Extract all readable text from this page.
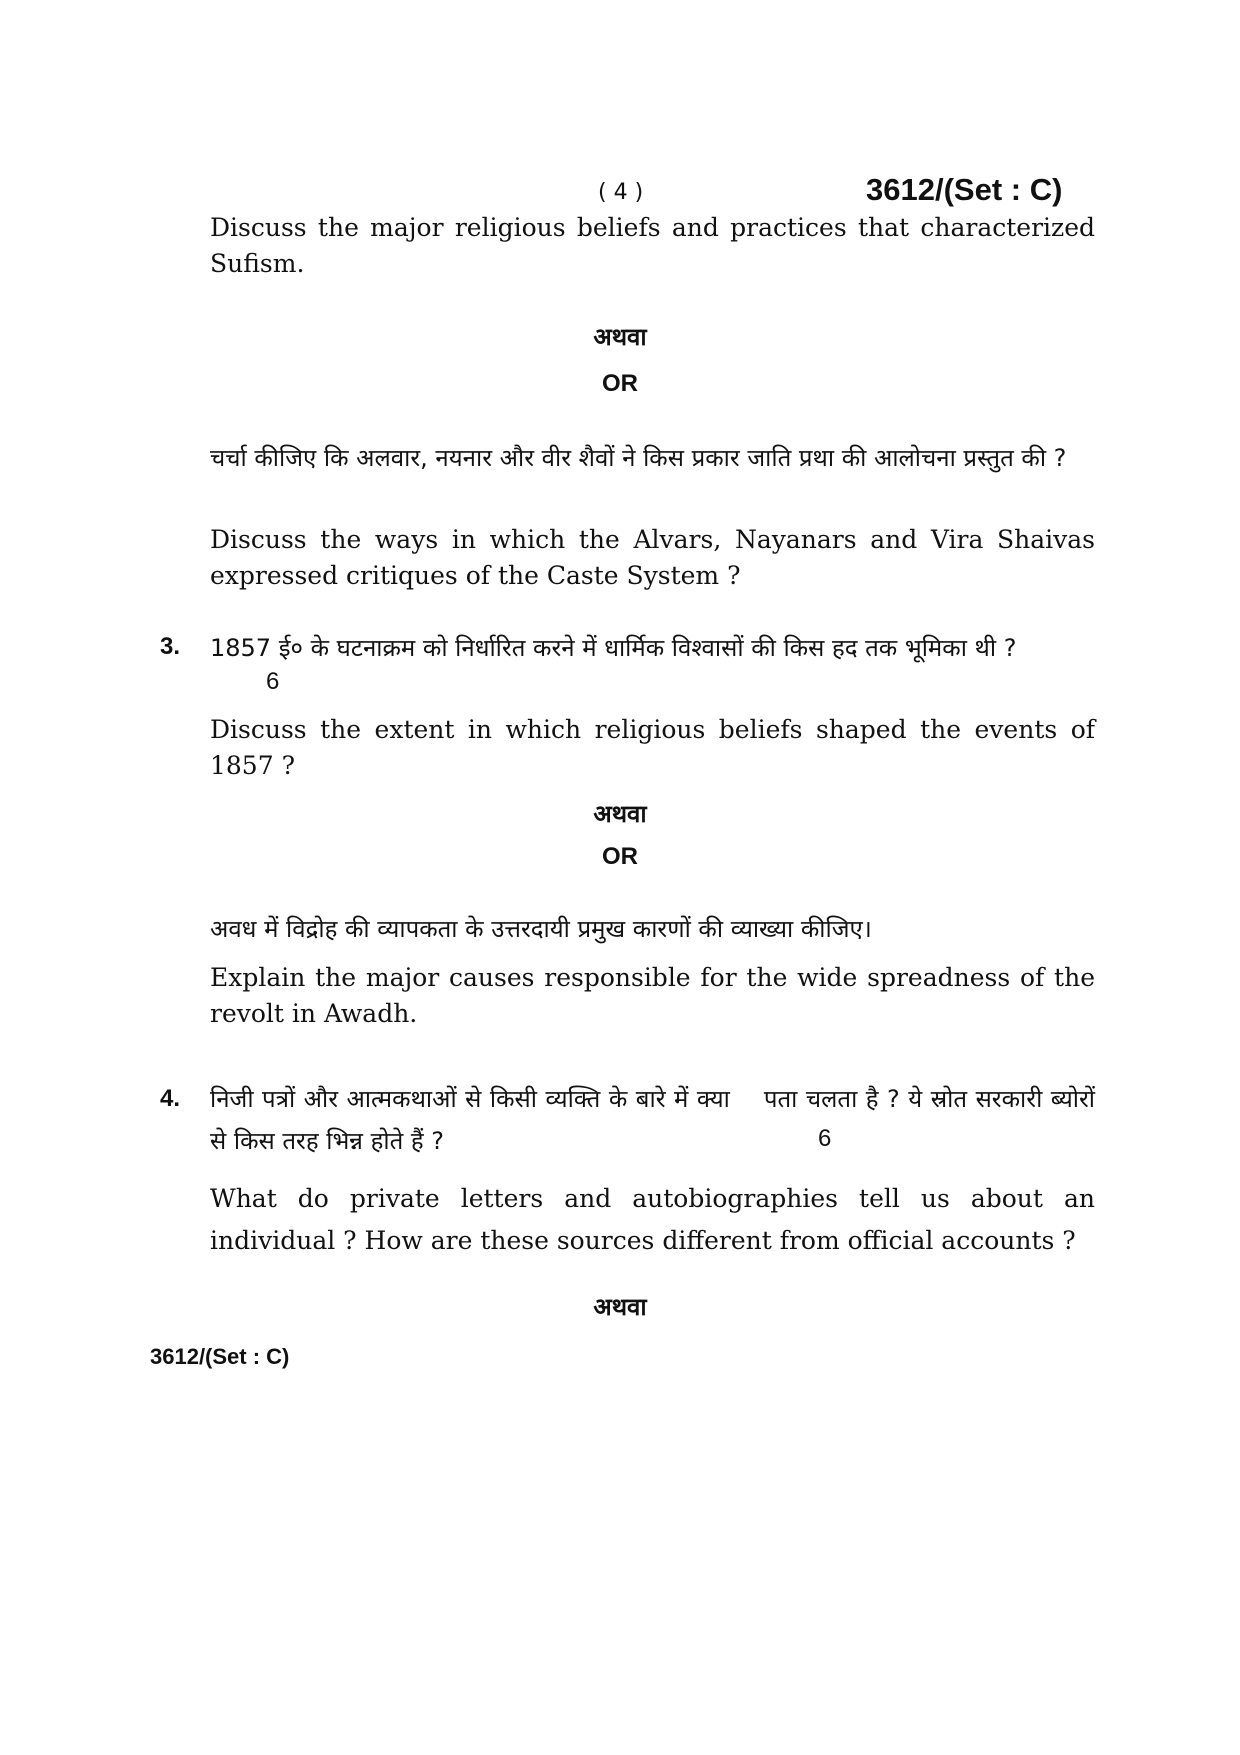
( 4 )	3612/(Set : C)
Discuss the major religious beliefs and practices that characterized Sufism.
अथवा
OR
चर्चा कीजिए कि अलवार, नयनार और वीर शैवों ने किस प्रकार जाति प्रथा की आलोचना प्रस्तुत की ?
Discuss the ways in which the Alvars, Nayanars and Vira Shaivas expressed critiques of the Caste System ?
3. 1857 ई० के घटनाक्रम को निर्धारित करने में धार्मिक विश्वासों की किस हद तक भूमिका थी ?
6
Discuss the extent in which religious beliefs shaped the events of 1857 ?
अथवा
OR
अवध में विद्रोह की व्यापकता के उत्तरदायी प्रमुख कारणों की व्याख्या कीजिए।
Explain the major causes responsible for the wide spreadness of the revolt in Awadh.
4. निजी पत्रों और आत्मकथाओं से किसी व्यक्ति के बारे में क्या    पता चलता है ? ये स्रोत सरकारी ब्योरों से किस तरह भिन्न होते हैं ?	6
What do private letters and autobiographies tell us about an individual ? How are these sources different from official accounts ?
अथवा
3612/(Set : C)
